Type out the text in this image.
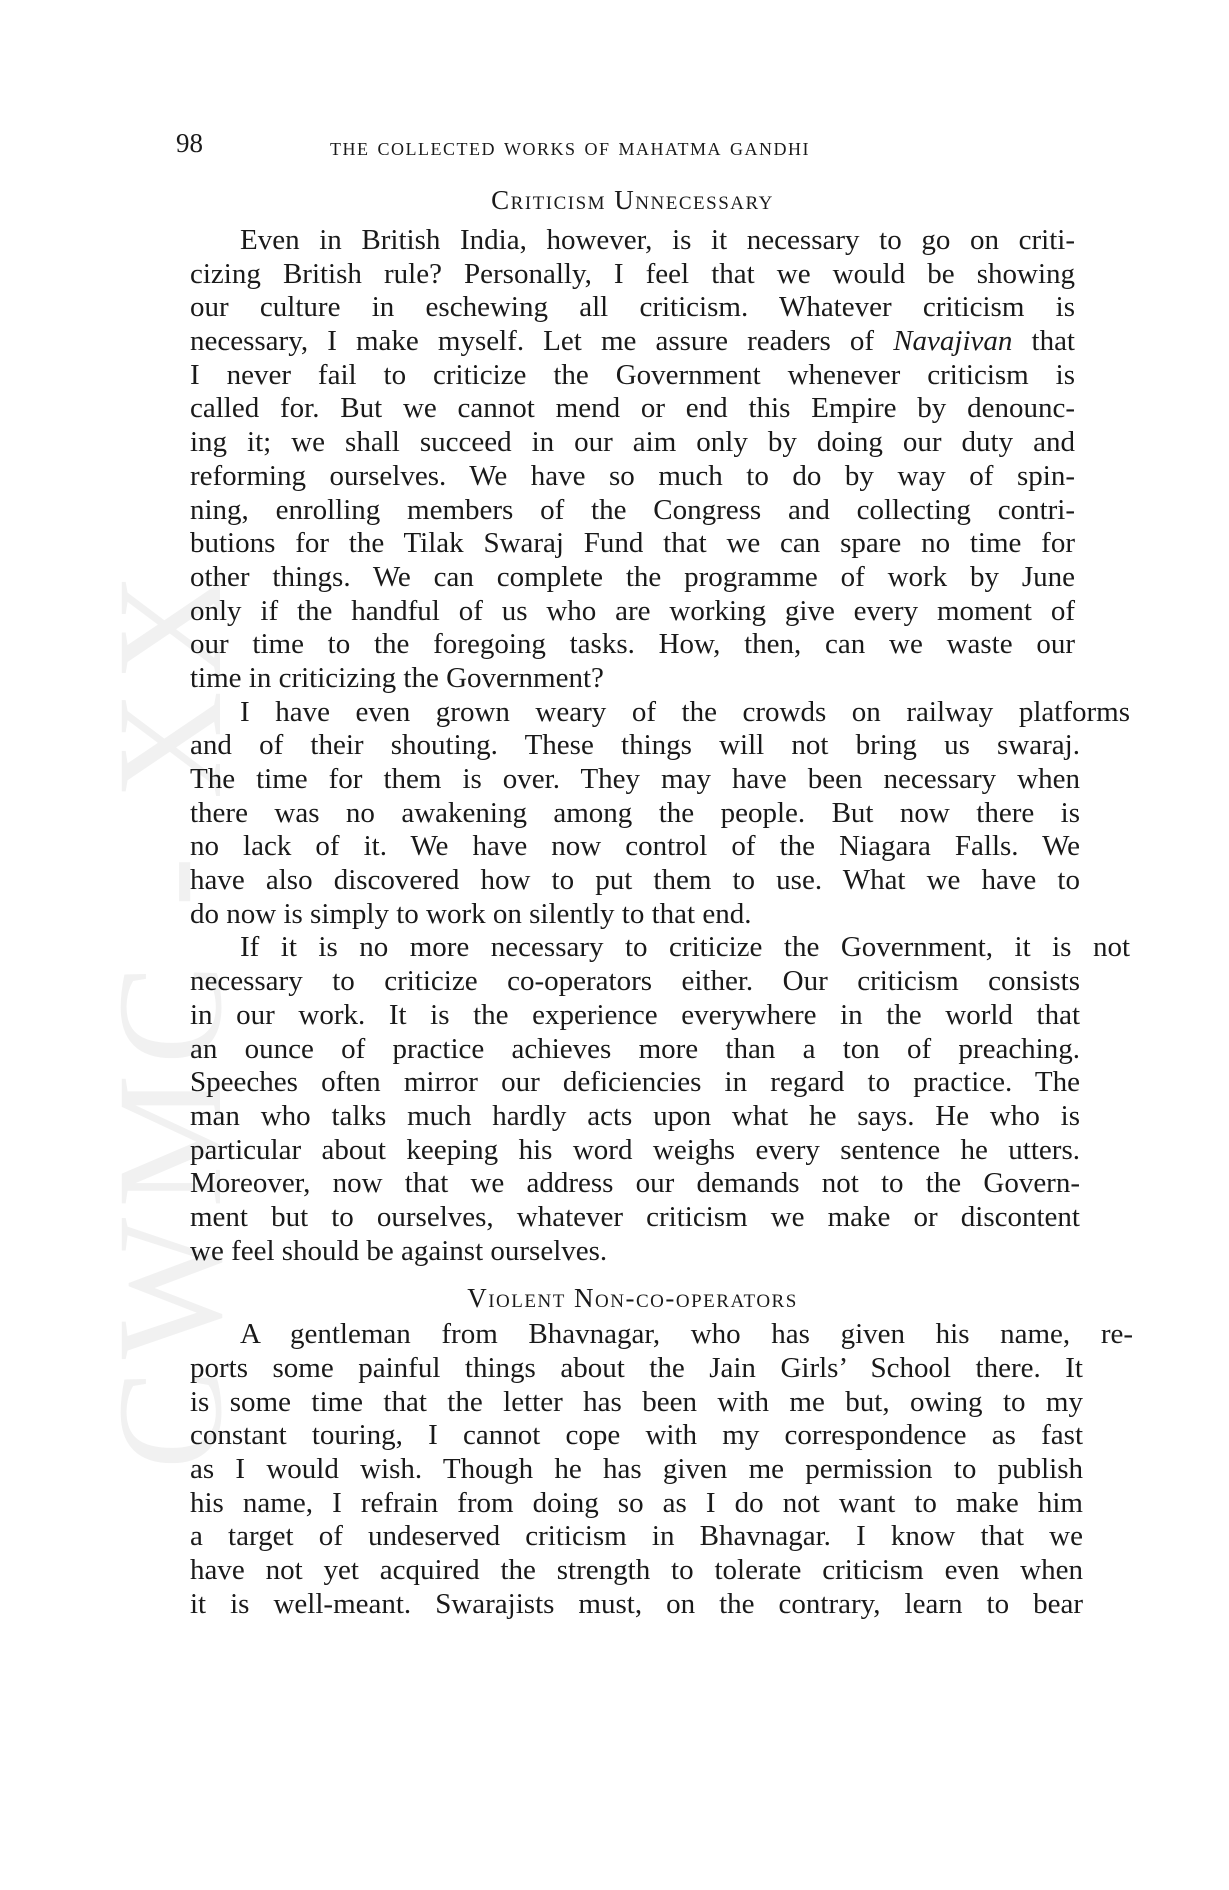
CWMC - XX
98	the collected works of mahatma gandhi
Criticism Unnecessary
Even in British India, however, is it necessary to go on criti-
cizing British rule? Personally, I feel that we would be showing
our culture in eschewing all criticism. Whatever criticism is
necessary, I make myself. Let me assure readers of Navajivan that
I never fail to criticize the Government whenever criticism is
called for. But we cannot mend or end this Empire by denounc-
ing it; we shall succeed in our aim only by doing our duty and
reforming ourselves. We have so much to do by way of spin-
ning, enrolling members of the Congress and collecting contri-
butions for the Tilak Swaraj Fund that we can spare no time for
other things. We can complete the programme of work by June
only if the handful of us who are working give every moment of
our time to the foregoing tasks. How, then, can we waste our
time in criticizing the Government?
I have even grown weary of the crowds on railway platforms
and of their shouting. These things will not bring us swaraj.
The time for them is over. They may have been necessary when
there was no awakening among the people. But now there is
no lack of it. We have now control of the Niagara Falls. We
have also discovered how to put them to use. What we have to
do now is simply to work on silently to that end.
If it is no more necessary to criticize the Government, it is not
necessary to criticize co-operators either. Our criticism consists
in our work. It is the experience everywhere in the world that
an ounce of practice achieves more than a ton of preaching.
Speeches often mirror our deficiencies in regard to practice. The
man who talks much hardly acts upon what he says. He who is
particular about keeping his word weighs every sentence he utters.
Moreover, now that we address our demands not to the Govern-
ment but to ourselves, whatever criticism we make or discontent
we feel should be against ourselves.
Violent Non-co-operators
A gentleman from Bhavnagar, who has given his name, re-
ports some painful things about the Jain Girls’ School there. It
is some time that the letter has been with me but, owing to my
constant touring, I cannot cope with my correspondence as fast
as I would wish. Though he has given me permission to publish
his name, I refrain from doing so as I do not want to make him
a target of undeserved criticism in Bhavnagar. I know that we
have not yet acquired the strength to tolerate criticism even when
it is well-meant. Swarajists must, on the contrary, learn to bear
